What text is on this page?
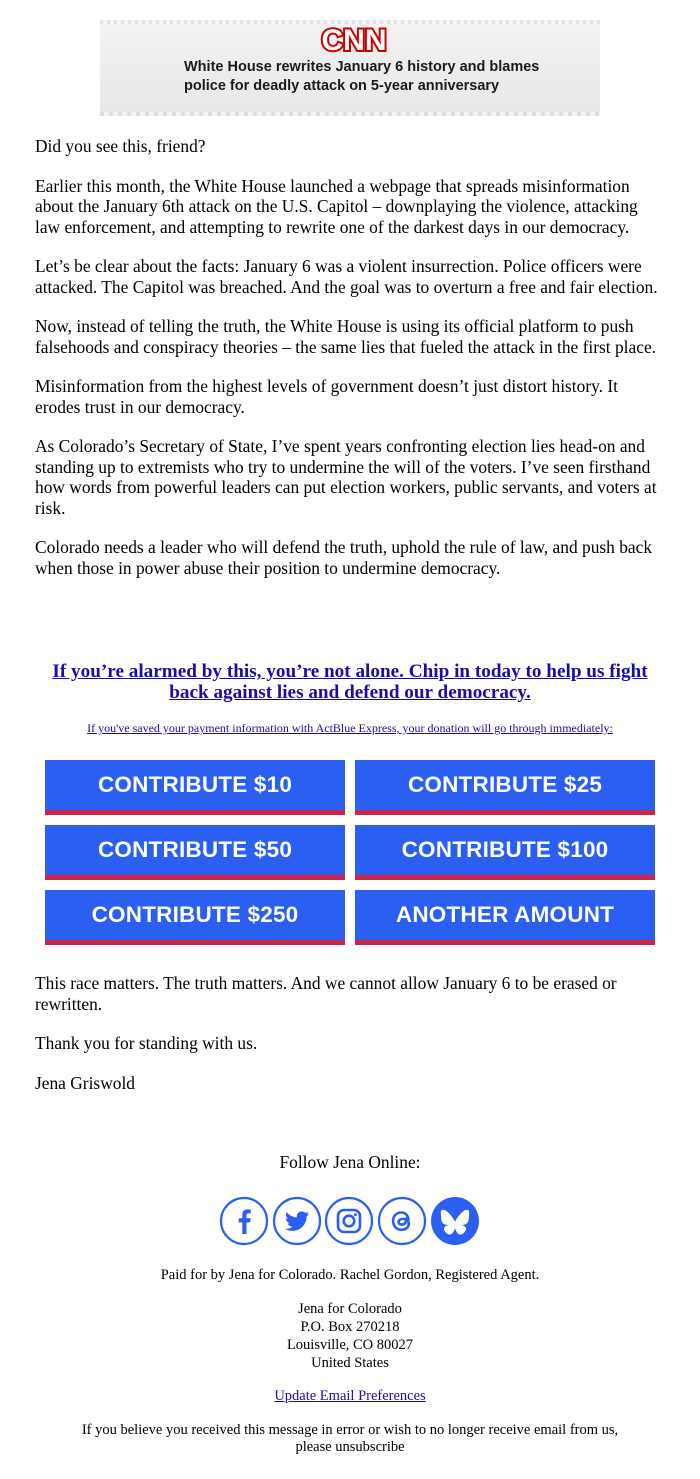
CNN
White House rewrites January 6 history and blames police for deadly attack on 5-year anniversary

Did you see this, friend?

Earlier this month, the White House launched a webpage that spreads misinformation about the January 6th attack on the U.S. Capitol – downplaying the violence, attacking law enforcement, and attempting to rewrite one of the darkest days in our democracy.

Let’s be clear about the facts: January 6 was a violent insurrection. Police officers were attacked. The Capitol was breached. And the goal was to overturn a free and fair election.

Now, instead of telling the truth, the White House is using its official platform to push falsehoods and conspiracy theories – the same lies that fueled the attack in the first place.

Misinformation from the highest levels of government doesn’t just distort history. It erodes trust in our democracy.

As Colorado’s Secretary of State, I’ve spent years confronting election lies head-on and standing up to extremists who try to undermine the will of the voters. I’ve seen firsthand how words from powerful leaders can put election workers, public servants, and voters at risk.

Colorado needs a leader who will defend the truth, uphold the rule of law, and push back when those in power abuse their position to undermine democracy.

If you’re alarmed by this, you’re not alone. Chip in today to help us fight back against lies and defend our democracy.
If you've saved your payment information with ActBlue Express, your donation will go through immediately:
CONTRIBUTE $10	CONTRIBUTE $25
CONTRIBUTE $50	CONTRIBUTE $100
CONTRIBUTE $250	ANOTHER AMOUNT

This race matters. The truth matters. And we cannot allow January 6 to be erased or rewritten.

Thank you for standing with us.

Jena Griswold

Follow Jena Online:
Paid for by Jena for Colorado. Rachel Gordon, Registered Agent.
Jena for Colorado
P.O. Box 270218
Louisville, CO 80027
United States
Update Email Preferences
If you believe you received this message in error or wish to no longer receive email from us,
please unsubscribe
